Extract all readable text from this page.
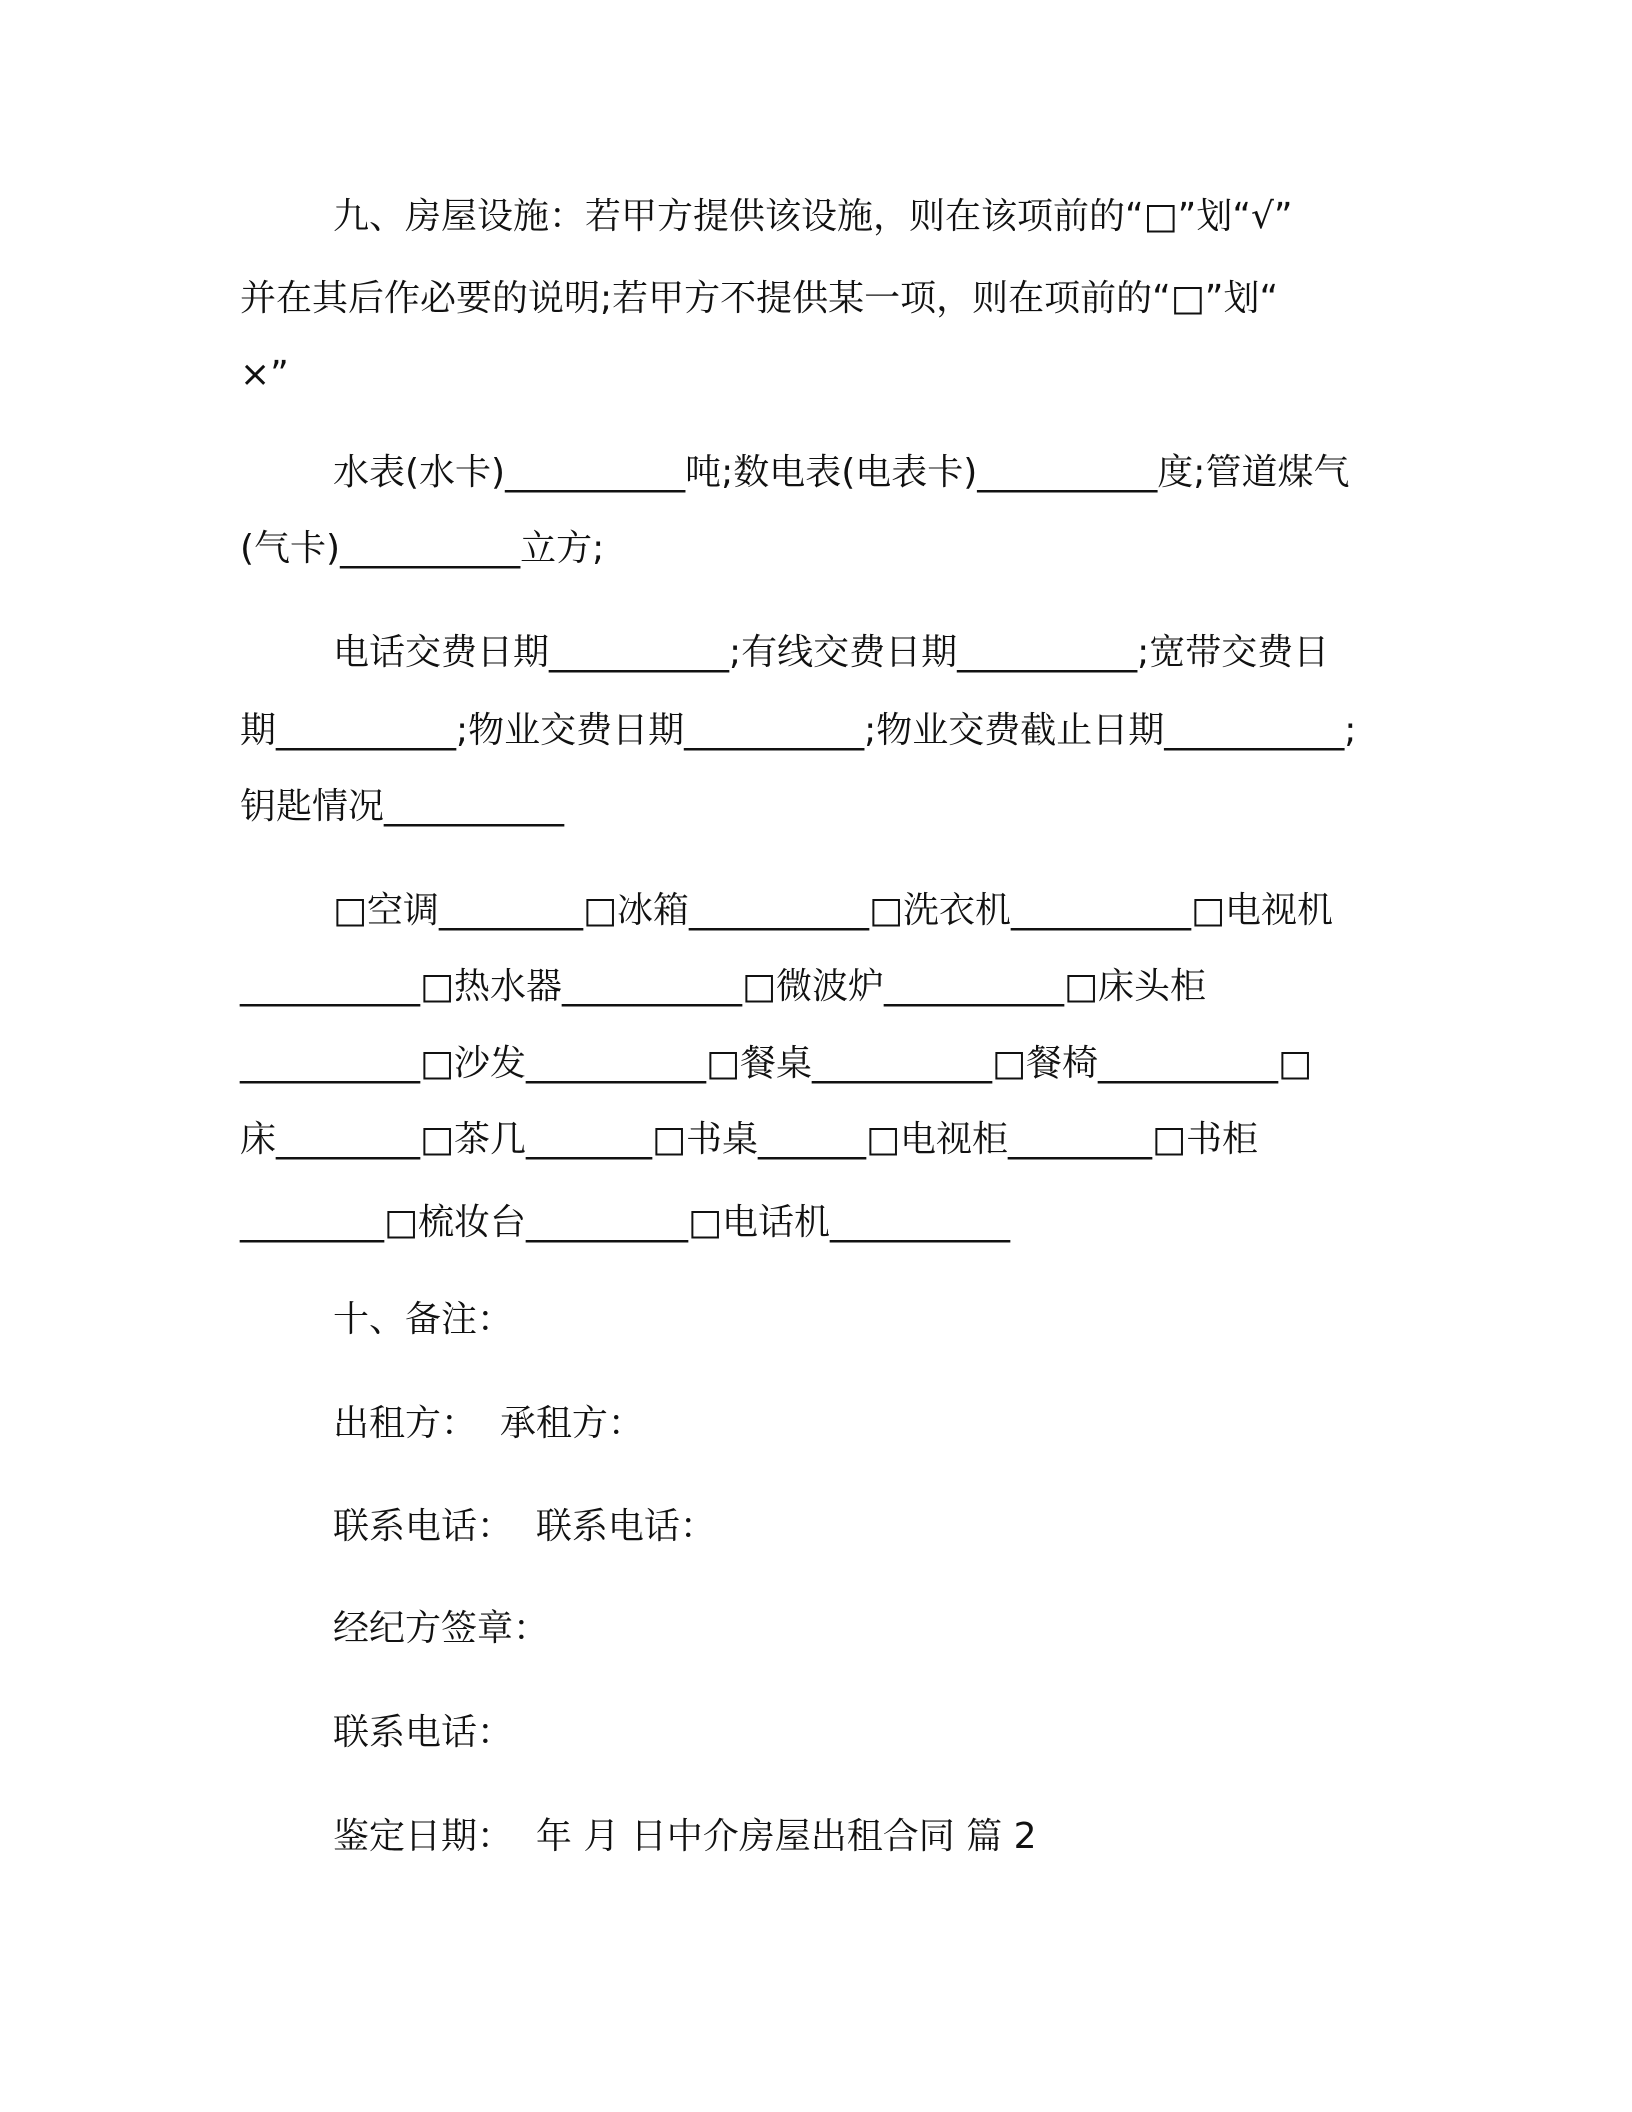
九、房屋设施：若甲方提供该设施，则在该项前的“□”划“√”
并在其后作必要的说明;若甲方不提供某一项，则在项前的“□”划“
×”
水表(水卡)__________吨;数电表(电表卡)__________度;管道煤气
(气卡)__________立方;
电话交费日期__________;有线交费日期__________;宽带交费日
期__________;物业交费日期__________;物业交费截止日期__________;
钥匙情况__________
□空调________□冰箱__________□洗衣机__________□电视机
__________□热水器__________□微波炉__________□床头柜
__________□沙发__________□餐桌__________□餐椅__________□
床________□茶几_______□书桌______□电视柜________□书柜
________□梳妆台_________□电话机__________
十、备注：
出租方：  承租方：
联系电话：  联系电话：
经纪方签章：
联系电话：
鉴定日期：  年 月 日中介房屋出租合同 篇 2
